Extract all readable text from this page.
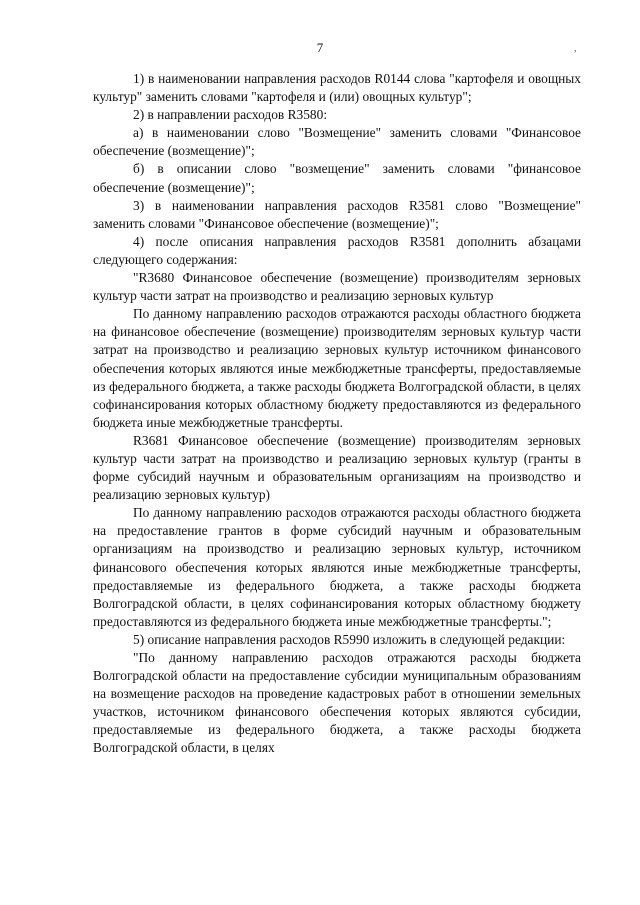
7	,

1) в наименовании направления расходов R0144 слова "картофеля и овощных культур" заменить словами "картофеля и (или) овощных культур";

2) в направлении расходов R3580:

а) в наименовании слово "Возмещение" заменить словами "Финансовое обеспечение (возмещение)";

б) в описании слово "возмещение" заменить словами "финансовое обеспечение (возмещение)";

3) в наименовании направления расходов R3581 слово "Возмещение" заменить словами "Финансовое обеспечение (возмещение)";

4) после описания направления расходов R3581 дополнить абзацами следующего содержания:

"R3680 Финансовое обеспечение (возмещение) производителям зерновых культур части затрат на производство и реализацию зерновых культур

По данному направлению расходов отражаются расходы областного бюджета на финансовое обеспечение (возмещение) производителям зерновых культур части затрат на производство и реализацию зерновых культур источником финансового обеспечения которых являются иные межбюджетные трансферты, предоставляемые из федерального бюджета, а также расходы бюджета Волгоградской области, в целях софинансирования которых областному бюджету предоставляются из федерального бюджета иные межбюджетные трансферты.

R3681 Финансовое обеспечение (возмещение) производителям зерновых культур части затрат на производство и реализацию зерновых культур (гранты в форме субсидий научным и образовательным организациям на производство и реализацию зерновых культур)

По данному направлению расходов отражаются расходы областного бюджета на предоставление грантов в форме субсидий научным и образовательным организациям на производство и реализацию зерновых культур, источником финансового обеспечения которых являются иные межбюджетные трансферты, предоставляемые из федерального бюджета, а также расходы бюджета Волгоградской области, в целях софинансирования которых областному бюджету предоставляются из федерального бюджета иные межбюджетные трансферты.";

5) описание направления расходов R5990 изложить в следующей редакции:

"По данному направлению расходов отражаются расходы бюджета Волгоградской области на предоставление субсидии муниципальным образованиям на возмещение расходов на проведение кадастровых работ в отношении земельных участков, источником финансового обеспечения которых являются субсидии, предоставляемые из федерального бюджета, а также расходы бюджета Волгоградской области, в целях
